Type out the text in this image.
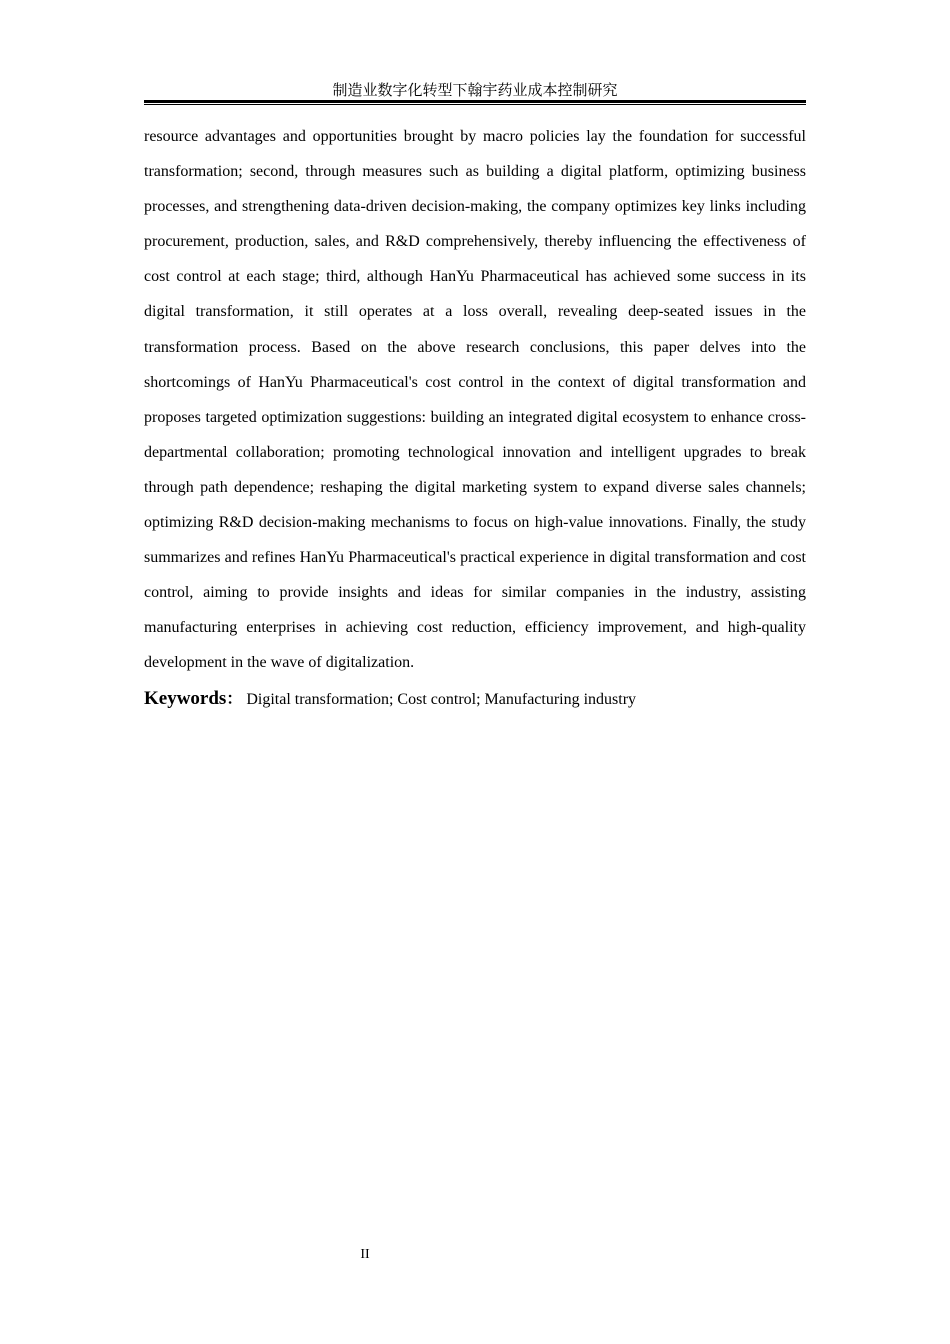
制造业数字化转型下翰宇药业成本控制研究

resource advantages and opportunities brought by macro policies lay the foundation for successful transformation; second, through measures such as building a digital platform, optimizing business processes, and strengthening data-driven decision-making, the company optimizes key links including procurement, production, sales, and R&D comprehensively, thereby influencing the effectiveness of cost control at each stage; third, although HanYu Pharmaceutical has achieved some success in its digital transformation, it still operates at a loss overall, revealing deep-seated issues in the transformation process. Based on the above research conclusions, this paper delves into the shortcomings of HanYu Pharmaceutical's cost control in the context of digital transformation and proposes targeted optimization suggestions: building an integrated digital ecosystem to enhance cross-departmental collaboration; promoting technological innovation and intelligent upgrades to break through path dependence; reshaping the digital marketing system to expand diverse sales channels; optimizing R&D decision-making mechanisms to focus on high-value innovations. Finally, the study summarizes and refines HanYu Pharmaceutical's practical experience in digital transformation and cost control, aiming to provide insights and ideas for similar companies in the industry, assisting manufacturing enterprises in achieving cost reduction, efficiency improvement, and high-quality development in the wave of digitalization.

Keywords： Digital transformation; Cost control; Manufacturing industry
II
